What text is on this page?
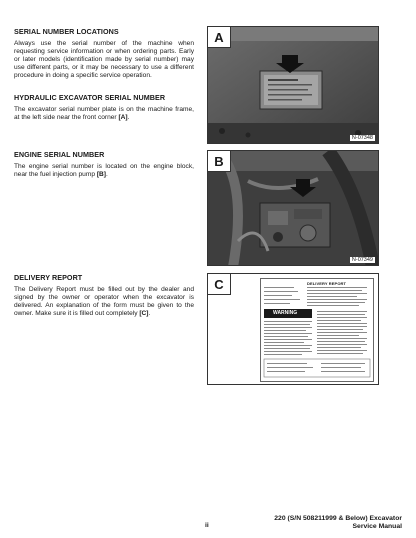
SERIAL NUMBER LOCATIONS

Always use the serial number of the machine when requesting service information or when ordering parts. Early or later models (identification made by serial number) may use different parts, or it may be necessary to use a different procedure in doing a specific service operation.

HYDRAULIC EXCAVATOR SERIAL NUMBER

The excavator serial number plate is on the machine frame, at the left side near the front corner [A].

ENGINE SERIAL NUMBER

The engine serial number is located on the engine block, near the fuel injection pump [B].

DELIVERY REPORT

The Delivery Report must be filled out by the dealer and signed by the owner or operator when the excavator is delivered. An explanation of the form must be given to the owner. Make sure it is filled out completely [C].

A
N-07348
B
N-07349
C	DELIVERY REPORT
WARNING
ii
220 (S/N 508211999 & Below) Excavator
Service Manual
